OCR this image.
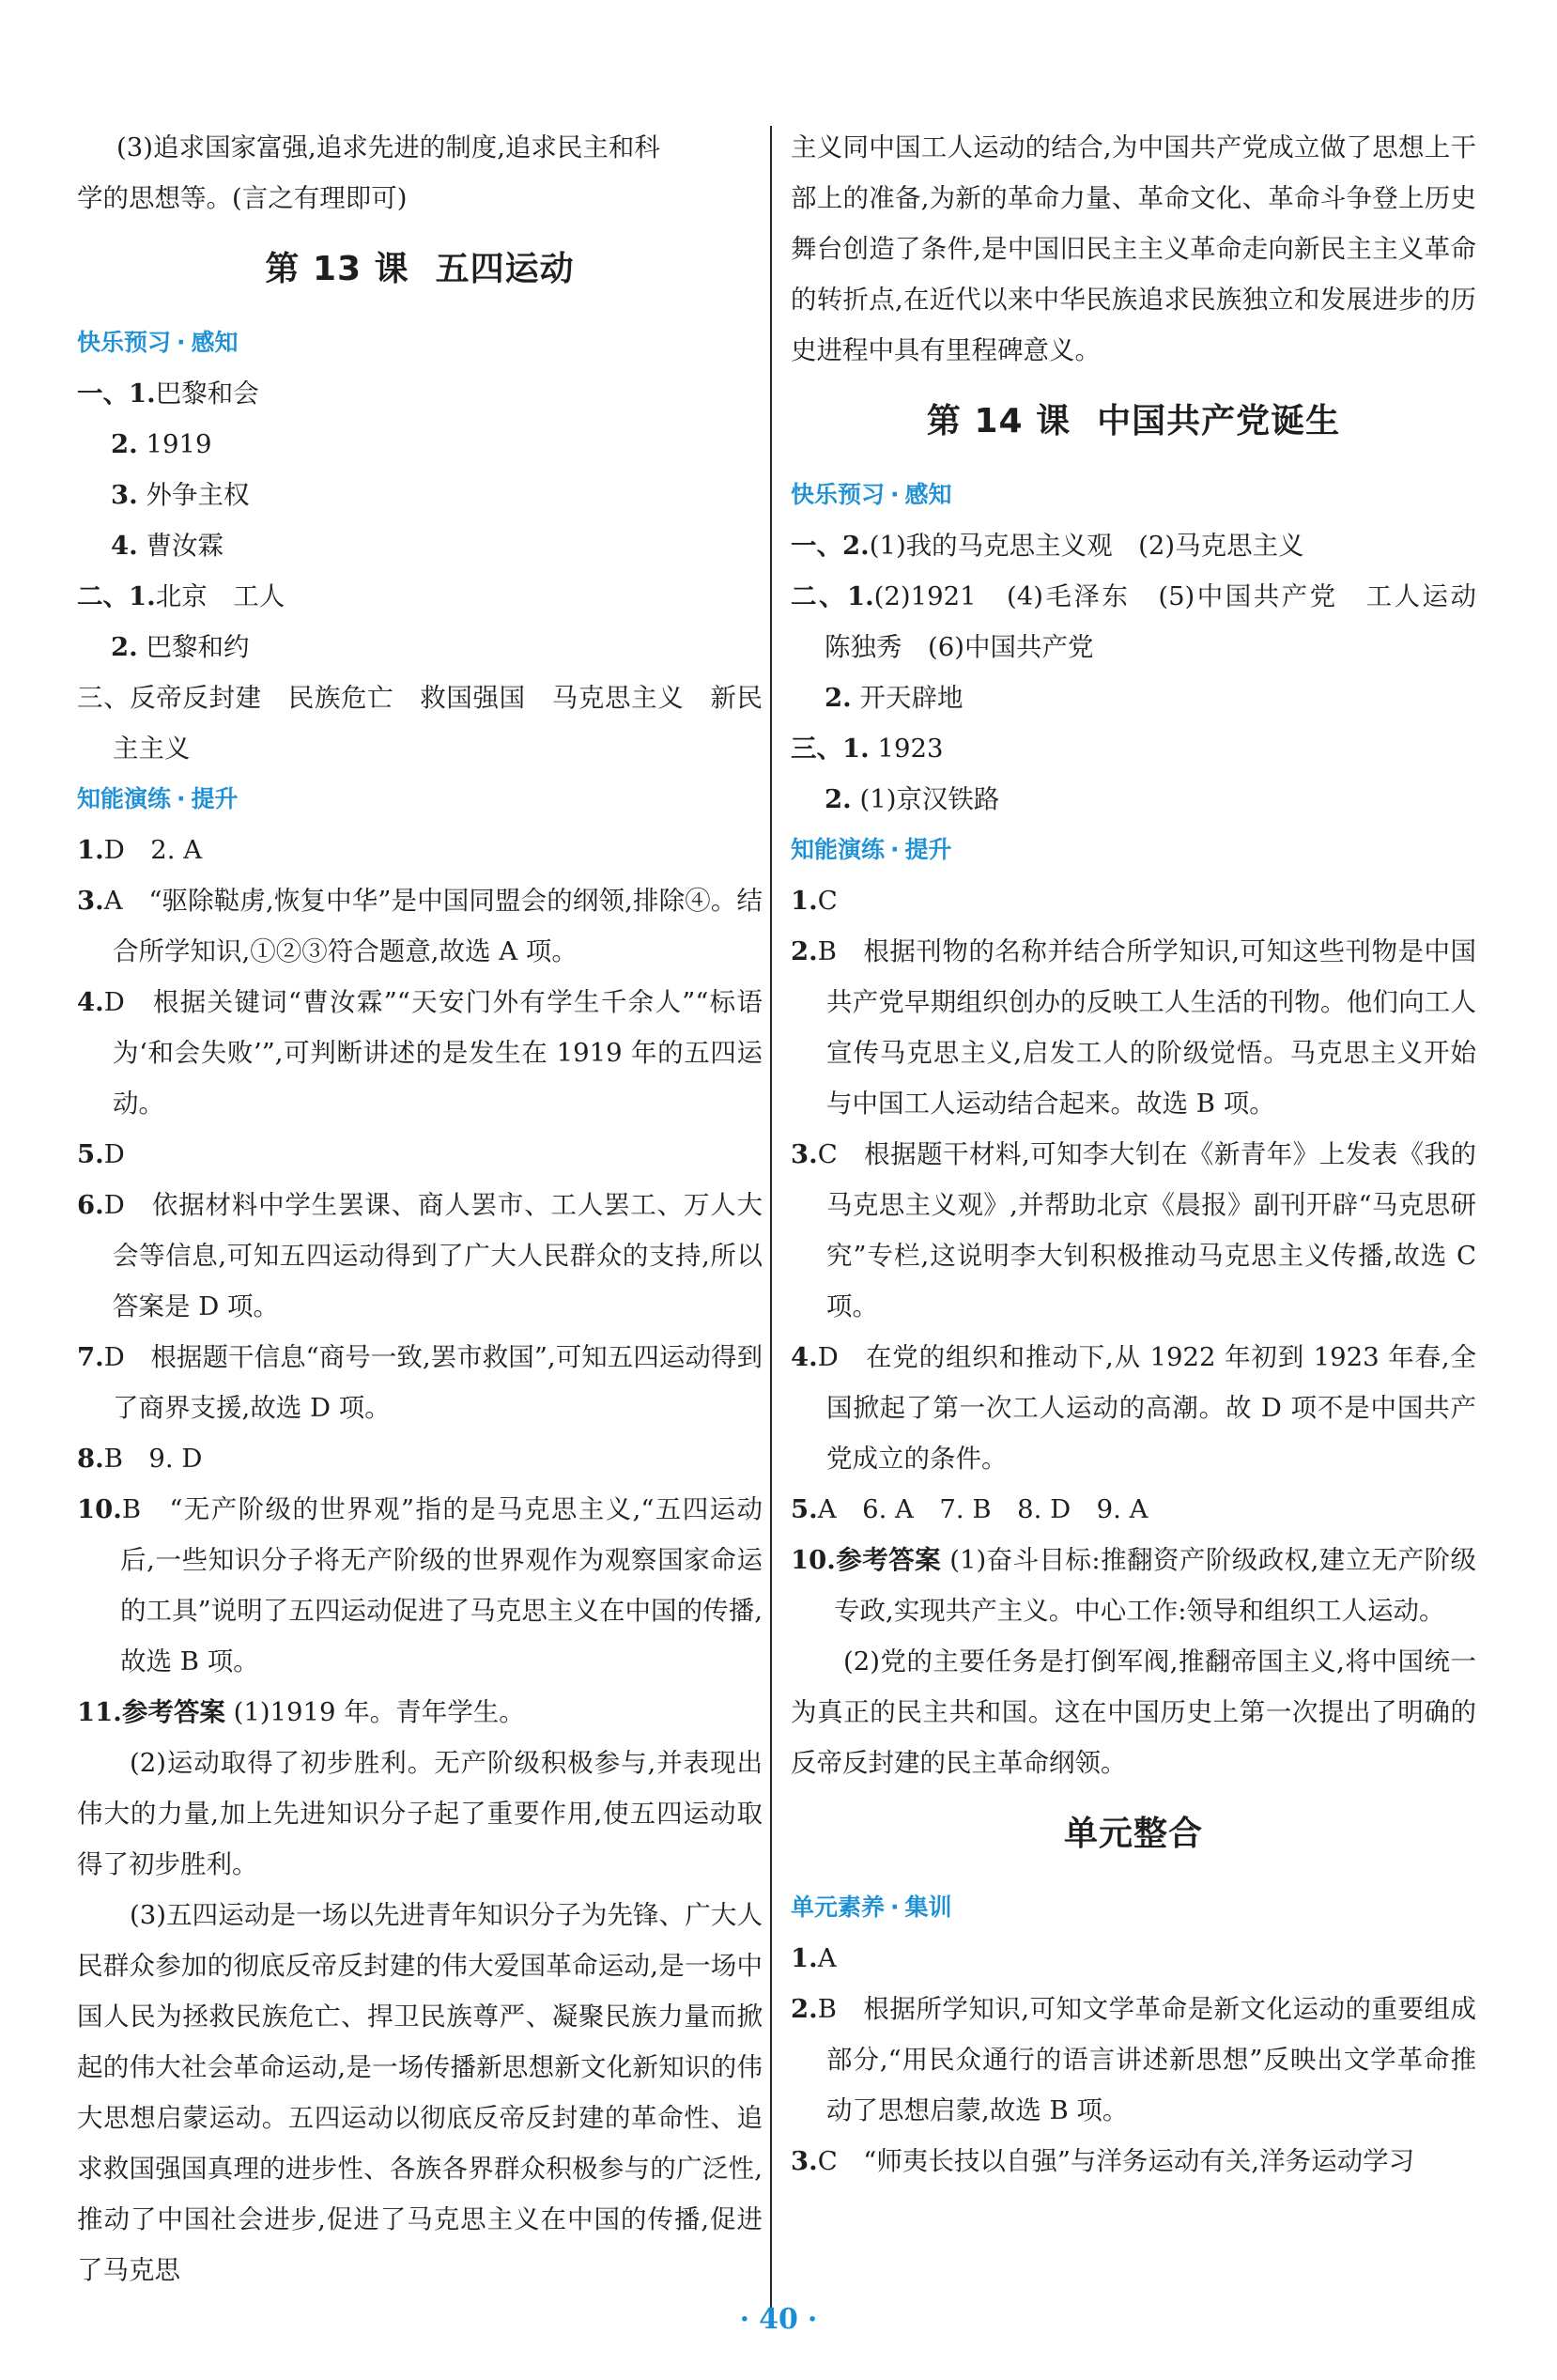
(3)追求国家富强,追求先进的制度,追求民主和科

学的思想等。(言之有理即可)

第 13 课 五四运动
快乐预习 · 感知

一、1.巴黎和会

2. 1919

3. 外争主权

4. 曹汝霖

二、1.北京　工人

2. 巴黎和约

三、反帝反封建　民族危亡　救国强国　马克思主义　新民主主义

知能演练 · 提升

1.D　2. A

3.A　“驱除鞑虏,恢复中华”是中国同盟会的纲领,排除④。结合所学知识,①②③符合题意,故选 A 项。

4.D　根据关键词“曹汝霖”“天安门外有学生千余人”“标语为‘和会失败’”,可判断讲述的是发生在 1919 年的五四运动。

5.D

6.D　依据材料中学生罢课、商人罢市、工人罢工、万人大会等信息,可知五四运动得到了广大人民群众的支持,所以答案是 D 项。

7.D　根据题干信息“商号一致,罢市救国”,可知五四运动得到了商界支援,故选 D 项。

8.B　9. D

10.B　“无产阶级的世界观”指的是马克思主义,“五四运动后,一些知识分子将无产阶级的世界观作为观察国家命运的工具”说明了五四运动促进了马克思主义在中国的传播,故选 B 项。

11.参考答案 (1)1919 年。青年学生。

(2)运动取得了初步胜利。无产阶级积极参与,并表现出伟大的力量,加上先进知识分子起了重要作用,使五四运动取得了初步胜利。

(3)五四运动是一场以先进青年知识分子为先锋、广大人民群众参加的彻底反帝反封建的伟大爱国革命运动,是一场中国人民为拯救民族危亡、捍卫民族尊严、凝聚民族力量而掀起的伟大社会革命运动,是一场传播新思想新文化新知识的伟大思想启蒙运动。五四运动以彻底反帝反封建的革命性、追求救国强国真理的进步性、各族各界群众积极参与的广泛性,推动了中国社会进步,促进了马克思主义在中国的传播,促进了马克思

主义同中国工人运动的结合,为中国共产党成立做了思想上干部上的准备,为新的革命力量、革命文化、革命斗争登上历史舞台创造了条件,是中国旧民主主义革命走向新民主主义革命的转折点,在近代以来中华民族追求民族独立和发展进步的历史进程中具有里程碑意义。

第 14 课 中国共产党诞生
快乐预习 · 感知

一、2.(1)我的马克思主义观　(2)马克思主义

二、1.(2)1921　(4)毛泽东　(5)中国共产党　工人运动　陈独秀　(6)中国共产党

2. 开天辟地

三、1. 1923

2. (1)京汉铁路

知能演练 · 提升

1.C

2.B　根据刊物的名称并结合所学知识,可知这些刊物是中国共产党早期组织创办的反映工人生活的刊物。他们向工人宣传马克思主义,启发工人的阶级觉悟。马克思主义开始与中国工人运动结合起来。故选 B 项。

3.C　根据题干材料,可知李大钊在《新青年》上发表《我的马克思主义观》,并帮助北京《晨报》副刊开辟“马克思研究”专栏,这说明李大钊积极推动马克思主义传播,故选 C 项。

4.D　在党的组织和推动下,从 1922 年初到 1923 年春,全国掀起了第一次工人运动的高潮。故 D 项不是中国共产党成立的条件。

5.A　6. A　7. B　8. D　9. A

10.参考答案 (1)奋斗目标:推翻资产阶级政权,建立无产阶级专政,实现共产主义。中心工作:领导和组织工人运动。

(2)党的主要任务是打倒军阀,推翻帝国主义,将中国统一为真正的民主共和国。这在中国历史上第一次提出了明确的反帝反封建的民主革命纲领。

单元整合
单元素养 · 集训

1.A

2.B　根据所学知识,可知文学革命是新文化运动的重要组成部分,“用民众通行的语言讲述新思想”反映出文学革命推动了思想启蒙,故选 B 项。

3.C　“师夷长技以自强”与洋务运动有关,洋务运动学习

· 40 ·
